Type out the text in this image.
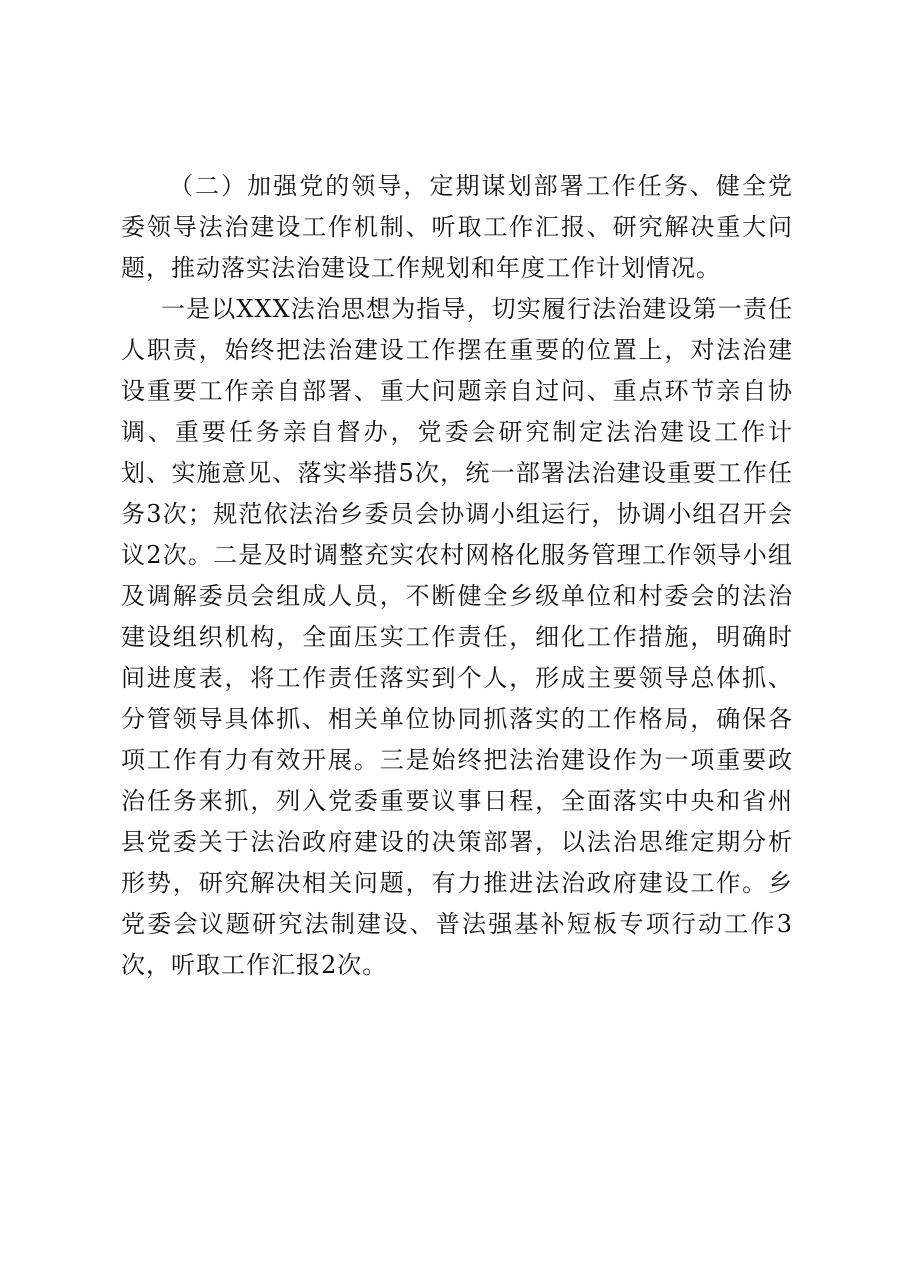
（二）加强党的领导，定期谋划部署工作任务、健全党委领导法治建设工作机制、听取工作汇报、研究解决重大问题，推动落实法治建设工作规划和年度工作计划情况。

一是以XXX法治思想为指导，切实履行法治建设第一责任人职责，始终把法治建设工作摆在重要的位置上，对法治建设重要工作亲自部署、重大问题亲自过问、重点环节亲自协调、重要任务亲自督办，党委会研究制定法治建设工作计划、实施意见、落实举措5次，统一部署法治建设重要工作任务3次；规范依法治乡委员会协调小组运行，协调小组召开会议2次。二是及时调整充实农村网格化服务管理工作领导小组及调解委员会组成人员，不断健全乡级单位和村委会的法治建设组织机构，全面压实工作责任，细化工作措施，明确时间进度表，将工作责任落实到个人，形成主要领导总体抓、分管领导具体抓、相关单位协同抓落实的工作格局，确保各项工作有力有效开展。三是始终把法治建设作为一项重要政治任务来抓，列入党委重要议事日程，全面落实中央和省州县党委关于法治政府建设的决策部署，以法治思维定期分析形势，研究解决相关问题，有力推进法治政府建设工作。乡党委会议题研究法制建设、普法强基补短板专项行动工作3次，听取工作汇报2次。
